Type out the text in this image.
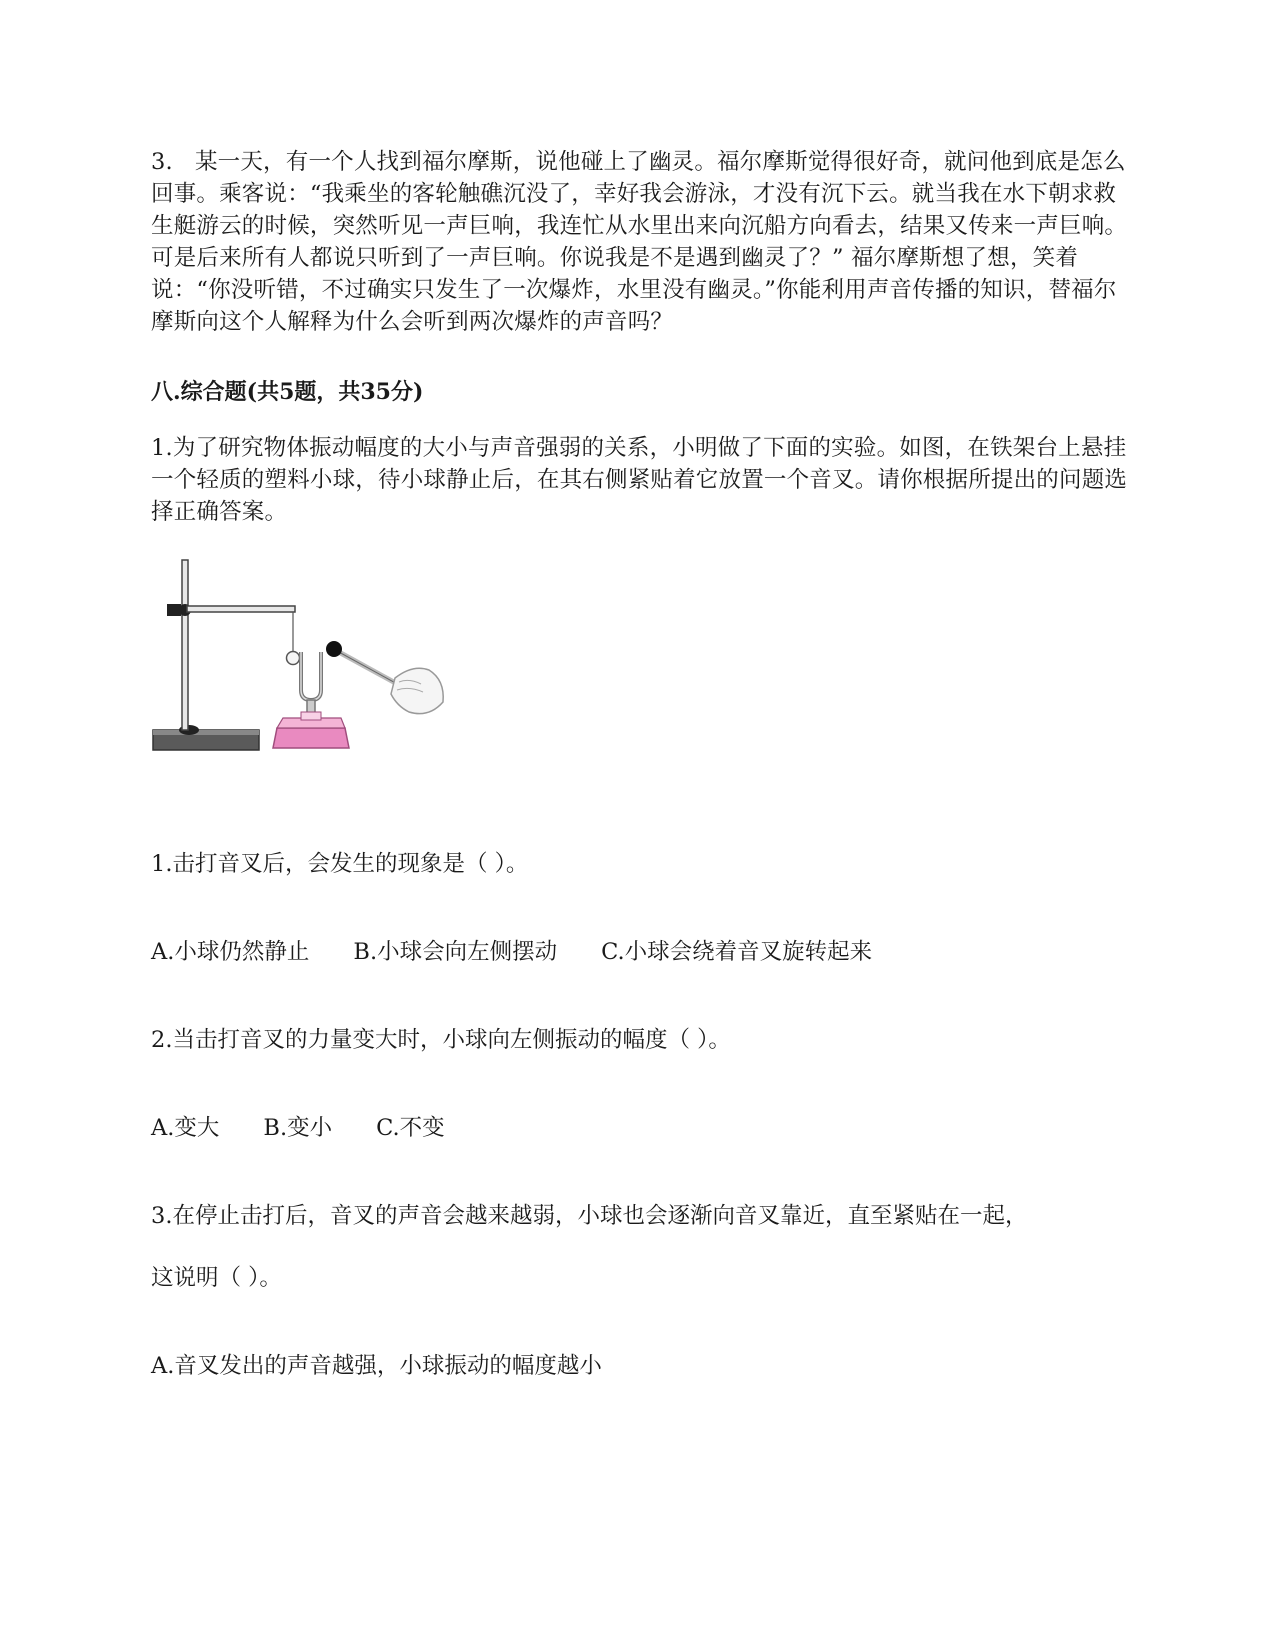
3. 某一天，有一个人找到福尔摩斯，说他碰上了幽灵。福尔摩斯觉得很好奇，就问他到底是怎么回事。乘客说：“我乘坐的客轮触礁沉没了，幸好我会游泳，才没有沉下云。就当我在水下朝求救生艇游云的时候，突然听见一声巨响，我连忙从水里出来向沉船方向看去，结果又传来一声巨响。可是后来所有人都说只听到了一声巨响。你说我是不是遇到幽灵了？” 福尔摩斯想了想，笑着说：“你没听错，不过确实只发生了一次爆炸，水里没有幽灵。”你能利用声音传播的知识，替福尔摩斯向这个人解释为什么会听到两次爆炸的声音吗？

八.综合题(共5题，共35分)

1.为了研究物体振动幅度的大小与声音强弱的关系，小明做了下面的实验。如图，在铁架台上悬挂一个轻质的塑料小球，待小球静止后，在其右侧紧贴着它放置一个音叉。请你根据所提出的问题选择正确答案。

1.击打音叉后，会发生的现象是（ ）。

A.小球仍然静止 B.小球会向左侧摆动 C.小球会绕着音叉旋转起来

2.当击打音叉的力量变大时，小球向左侧振动的幅度（ ）。

A.变大 B.变小 C.不变

3.在停止击打后，音叉的声音会越来越弱，小球也会逐渐向音叉靠近，直至紧贴在一起，

这说明（ ）。

A.音叉发出的声音越强，小球振动的幅度越小
